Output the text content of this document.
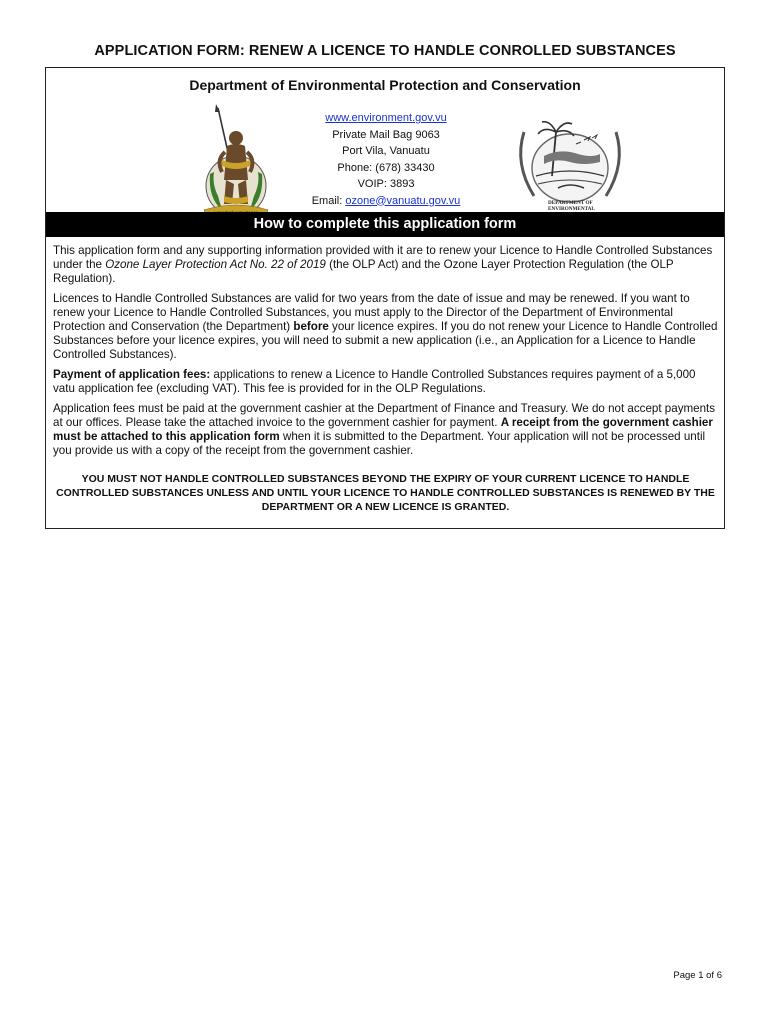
APPLICATION FORM: RENEW A LICENCE TO HANDLE CONROLLED SUBSTANCES
Department of Environmental Protection and Conservation
www.environment.gov.vu
Private Mail Bag 9063
Port Vila, Vanuatu
Phone: (678) 33430
VOIP: 3893
Email: ozone@vanuatu.gov.vu	DEPARTMENT OF ENVIRONMENTAL
How to complete this application form

This application form and any supporting information provided with it are to renew your Licence to Handle Controlled Substances under the Ozone Layer Protection Act No. 22 of 2019 (the OLP Act) and the Ozone Layer Protection Regulation (the OLP Regulation).

Licences to Handle Controlled Substances are valid for two years from the date of issue and may be renewed. If you want to renew your Licence to Handle Controlled Substances, you must apply to the Director of the Department of Environmental Protection and Conservation (the Department) before your licence expires. If you do not renew your Licence to Handle Controlled Substances before your licence expires, you will need to submit a new application (i.e., an Application for a Licence to Handle Controlled Substances).

Payment of application fees: applications to renew a Licence to Handle Controlled Substances requires payment of a 5,000 vatu application fee (excluding VAT). This fee is provided for in the OLP Regulations.

Application fees must be paid at the government cashier at the Department of Finance and Treasury. We do not accept payments at our offices. Please take the attached invoice to the government cashier for payment. A receipt from the government cashier must be attached to this application form when it is submitted to the Department. Your application will not be processed until you provide us with a copy of the receipt from the government cashier.

YOU MUST NOT HANDLE CONTROLLED SUBSTANCES BEYOND THE EXPIRY OF YOUR CURRENT LICENCE TO HANDLE CONTROLLED SUBSTANCES UNLESS AND UNTIL YOUR LICENCE TO HANDLE CONTROLLED SUBSTANCES IS RENEWED BY THE DEPARTMENT OR A NEW LICENCE IS GRANTED.
Page 1 of 6
